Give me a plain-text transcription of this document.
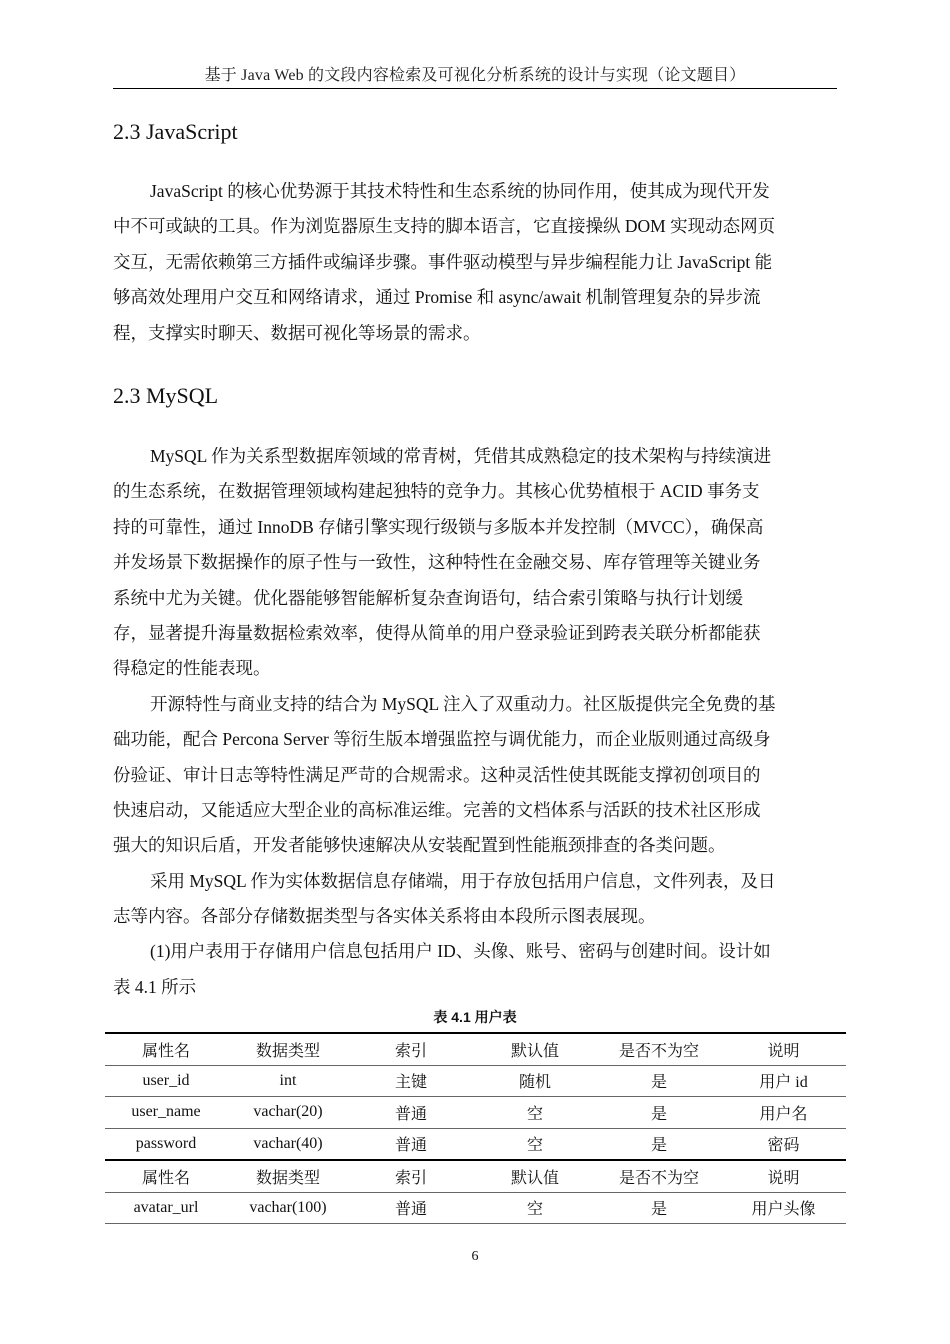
基于 Java Web 的文段内容检索及可视化分析系统的设计与实现（论文题目）
2.3 JavaScript
JavaScript 的核心优势源于其技术特性和生态系统的协同作用，使其成为现代开发
中不可或缺的工具。作为浏览器原生支持的脚本语言，它直接操纵 DOM 实现动态网页
交互，无需依赖第三方插件或编译步骤。事件驱动模型与异步编程能力让 JavaScript 能
够高效处理用户交互和网络请求，通过 Promise 和 async/await 机制管理复杂的异步流
程，支撑实时聊天、数据可视化等场景的需求。
2.3 MySQL
MySQL 作为关系型数据库领域的常青树，凭借其成熟稳定的技术架构与持续演进
的生态系统，在数据管理领域构建起独特的竞争力。其核心优势植根于 ACID 事务支
持的可靠性，通过 InnoDB 存储引擎实现行级锁与多版本并发控制（MVCC），确保高
并发场景下数据操作的原子性与一致性，这种特性在金融交易、库存管理等关键业务
系统中尤为关键。优化器能够智能解析复杂查询语句，结合索引策略与执行计划缓
存，显著提升海量数据检索效率，使得从简单的用户登录验证到跨表关联分析都能获
得稳定的性能表现。
开源特性与商业支持的结合为 MySQL 注入了双重动力。社区版提供完全免费的基
础功能，配合 Percona Server 等衍生版本增强监控与调优能力，而企业版则通过高级身
份验证、审计日志等特性满足严苛的合规需求。这种灵活性使其既能支撑初创项目的
快速启动，又能适应大型企业的高标准运维。完善的文档体系与活跃的技术社区形成
强大的知识后盾，开发者能够快速解决从安装配置到性能瓶颈排查的各类问题。
采用 MySQL 作为实体数据信息存储端，用于存放包括用户信息，文件列表，及日
志等内容。各部分存储数据类型与各实体关系将由本段所示图表展现。
(1)用户表用于存储用户信息包括用户 ID、头像、账号、密码与创建时间。设计如
表 4.1 所示
表 4.1 用户表
属性名	数据类型	索引	默认值	是否不为空	说明
user_id	int	主键	随机	是	用户 id
user_name	vachar(20)	普通	空	是	用户名
password	vachar(40)	普通	空	是	密码
属性名	数据类型	索引	默认值	是否不为空	说明
avatar_url	vachar(100)	普通	空	是	用户头像
6
